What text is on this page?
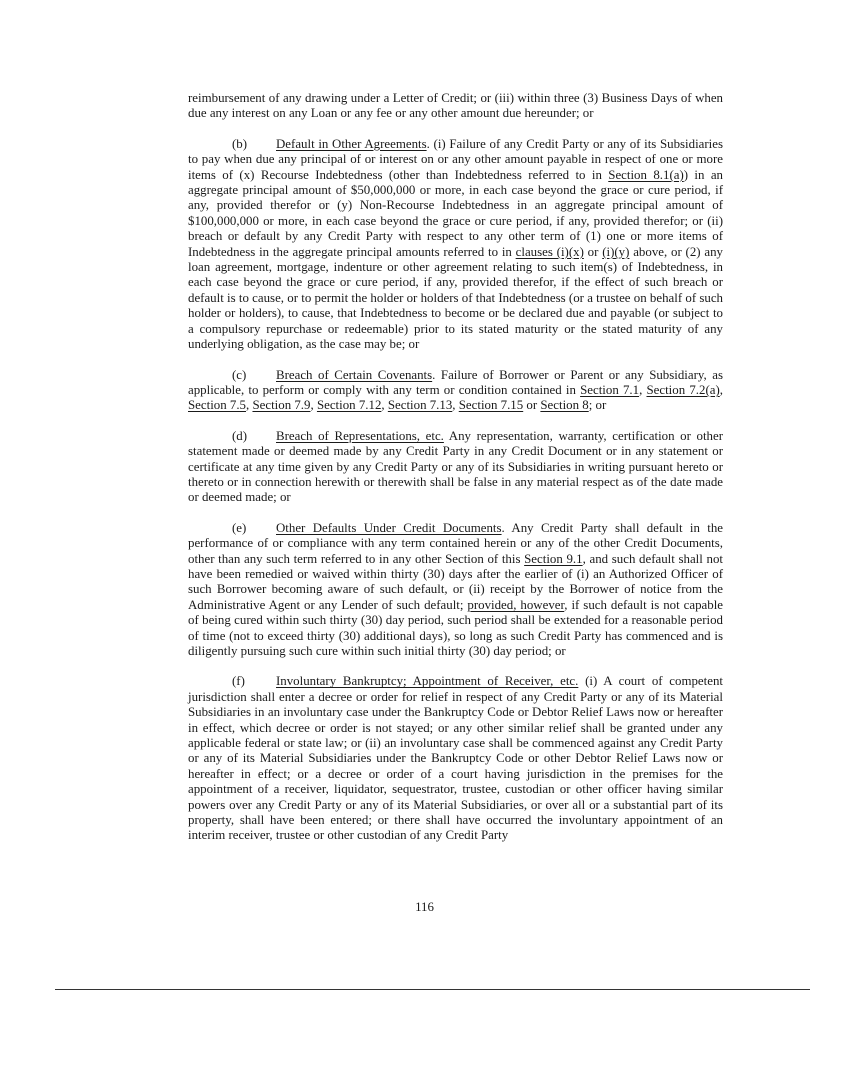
reimbursement of any drawing under a Letter of Credit; or (iii) within three (3) Business Days of when due any interest on any Loan or any fee or any other amount due hereunder; or

(b) Default in Other Agreements. (i) Failure of any Credit Party or any of its Subsidiaries to pay when due any principal of or interest on or any other amount payable in respect of one or more items of (x) Recourse Indebtedness (other than Indebtedness referred to in Section 8.1(a)) in an aggregate principal amount of $50,000,000 or more, in each case beyond the grace or cure period, if any, provided therefor or (y) Non-Recourse Indebtedness in an aggregate principal amount of $100,000,000 or more, in each case beyond the grace or cure period, if any, provided therefor; or (ii) breach or default by any Credit Party with respect to any other term of (1) one or more items of Indebtedness in the aggregate principal amounts referred to in clauses (i)(x) or (i)(y) above, or (2) any loan agreement, mortgage, indenture or other agreement relating to such item(s) of Indebtedness, in each case beyond the grace or cure period, if any, provided therefor, if the effect of such breach or default is to cause, or to permit the holder or holders of that Indebtedness (or a trustee on behalf of such holder or holders), to cause, that Indebtedness to become or be declared due and payable (or subject to a compulsory repurchase or redeemable) prior to its stated maturity or the stated maturity of any underlying obligation, as the case may be; or

(c) Breach of Certain Covenants. Failure of Borrower or Parent or any Subsidiary, as applicable, to perform or comply with any term or condition contained in Section 7.1, Section 7.2(a), Section 7.5, Section 7.9, Section 7.12, Section 7.13, Section 7.15 or Section 8; or

(d) Breach of Representations, etc. Any representation, warranty, certification or other statement made or deemed made by any Credit Party in any Credit Document or in any statement or certificate at any time given by any Credit Party or any of its Subsidiaries in writing pursuant hereto or thereto or in connection herewith or therewith shall be false in any material respect as of the date made or deemed made; or

(e) Other Defaults Under Credit Documents. Any Credit Party shall default in the performance of or compliance with any term contained herein or any of the other Credit Documents, other than any such term referred to in any other Section of this Section 9.1, and such default shall not have been remedied or waived within thirty (30) days after the earlier of (i) an Authorized Officer of such Borrower becoming aware of such default, or (ii) receipt by the Borrower of notice from the Administrative Agent or any Lender of such default; provided, however, if such default is not capable of being cured within such thirty (30) day period, such period shall be extended for a reasonable period of time (not to exceed thirty (30) additional days), so long as such Credit Party has commenced and is diligently pursuing such cure within such initial thirty (30) day period; or

(f) Involuntary Bankruptcy; Appointment of Receiver, etc. (i) A court of competent jurisdiction shall enter a decree or order for relief in respect of any Credit Party or any of its Material Subsidiaries in an involuntary case under the Bankruptcy Code or Debtor Relief Laws now or hereafter in effect, which decree or order is not stayed; or any other similar relief shall be granted under any applicable federal or state law; or (ii) an involuntary case shall be commenced against any Credit Party or any of its Material Subsidiaries under the Bankruptcy Code or other Debtor Relief Laws now or hereafter in effect; or a decree or order of a court having jurisdiction in the premises for the appointment of a receiver, liquidator, sequestrator, trustee, custodian or other officer having similar powers over any Credit Party or any of its Material Subsidiaries, or over all or a substantial part of its property, shall have been entered; or there shall have occurred the involuntary appointment of an interim receiver, trustee or other custodian of any Credit Party

116
